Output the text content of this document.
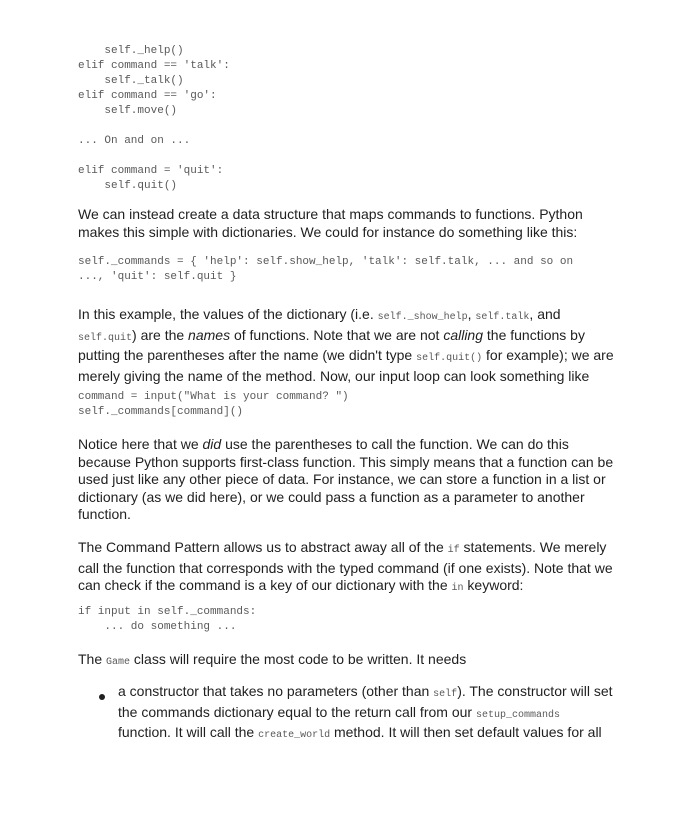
self._help()
elif command == 'talk':
self._talk()
elif command == 'go':
self.move()

... On and on ...

elif command = 'quit':
self.quit()
We can instead create a data structure that maps commands to functions. Python
makes this simple with dictionaries. We could for instance do something like this:
self._commands = { 'help': self.show_help, 'talk': self.talk, ... and so on
..., 'quit': self.quit }
In this example, the values of the dictionary (i.e. self._show_help, self.talk, and
self.quit) are the names of functions. Note that we are not calling the functions by
putting the parentheses after the name (we didn't type self.quit() for example); we are
merely giving the name of the method. Now, our input loop can look something like
command = input("What is your command? ")
self._commands[command]()
Notice here that we did use the parentheses to call the function. We can do this
because Python supports first-class function. This simply means that a function can be
used just like any other piece of data. For instance, we can store a function in a list or
dictionary (as we did here), or we could pass a function as a parameter to another
function.
The Command Pattern allows us to abstract away all of the if statements. We merely
call the function that corresponds with the typed command (if one exists). Note that we
can check if the command is a key of our dictionary with the in keyword:
if input in self._commands:
... do something ...
The Game class will require the most code to be written. It needs
a constructor that takes no parameters (other than self). The constructor will set
the commands dictionary equal to the return call from our setup_commands
function. It will call the create_world method. It will then set default values for all
